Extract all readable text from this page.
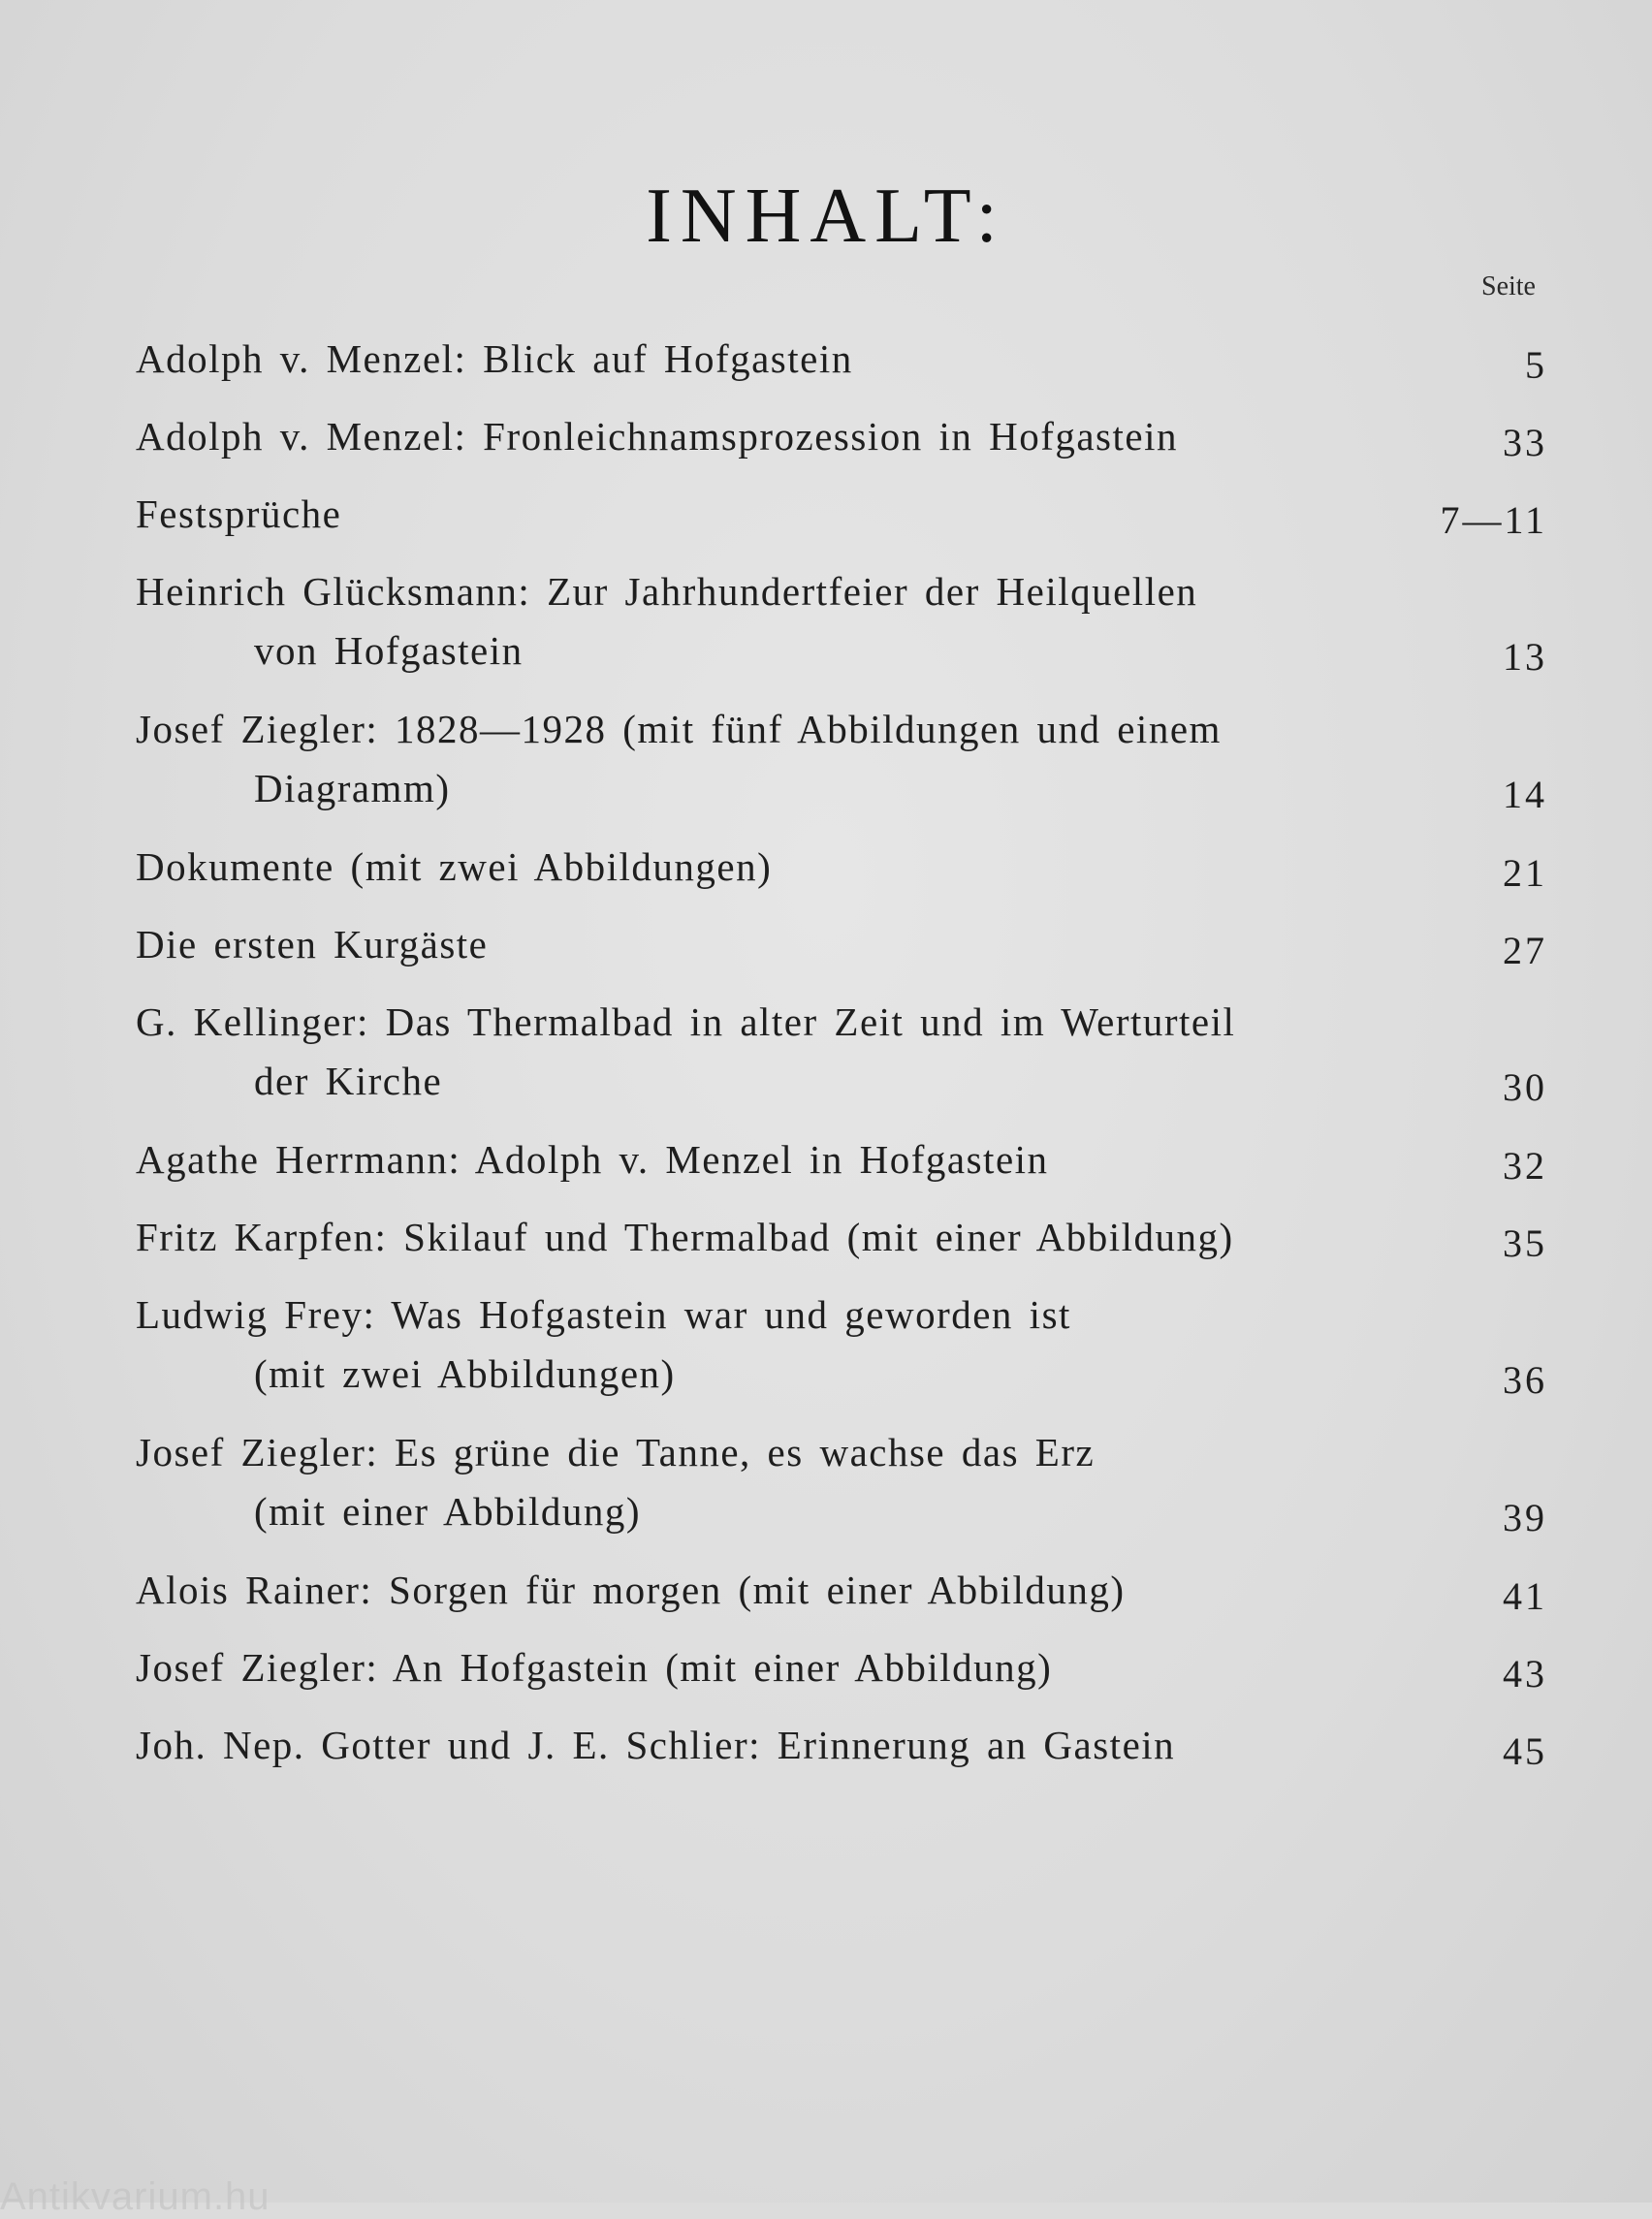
INHALT:
Seite
Adolph v. Menzel: Blick auf Hofgastein	5
Adolph v. Menzel: Fronleichnamsprozession in Hofgastein	33
Festsprüche	7—11
Heinrich Glücksmann: Zur Jahrhundertfeier der Heilquellen
von Hofgastein	13
Josef Ziegler: 1828—1928 (mit fünf Abbildungen und einem
Diagramm)	14
Dokumente (mit zwei Abbildungen)	21
Die ersten Kurgäste	27
G. Kellinger: Das Thermalbad in alter Zeit und im Werturteil
der Kirche	30
Agathe Herrmann: Adolph v. Menzel in Hofgastein	32
Fritz Karpfen: Skilauf und Thermalbad (mit einer Abbildung)	35
Ludwig Frey: Was Hofgastein war und geworden ist
(mit zwei Abbildungen)	36
Josef Ziegler: Es grüne die Tanne, es wachse das Erz
(mit einer Abbildung)	39
Alois Rainer: Sorgen für morgen (mit einer Abbildung)	41
Josef Ziegler: An Hofgastein (mit einer Abbildung)	43
Joh. Nep. Gotter und J. E. Schlier: Erinnerung an Gastein	45
Antikvarium.hu
